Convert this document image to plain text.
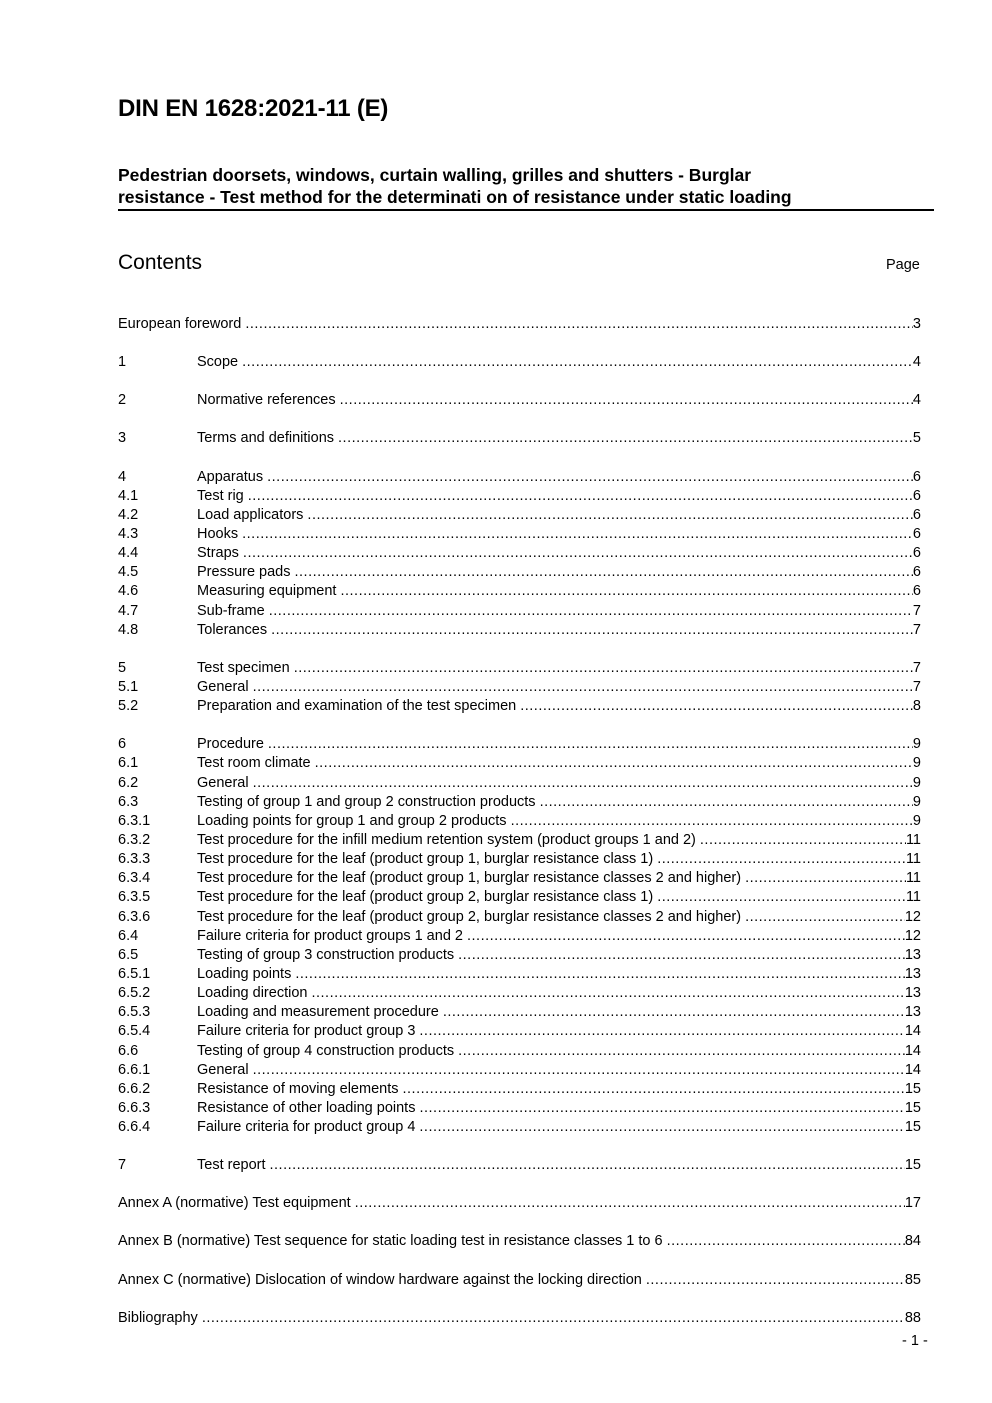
DIN EN 1628:2021-11 (E)
Pedestrian doorsets, windows, curtain walling, grilles and shutters - Burglar
resistance - Test method for the determinati on of resistance under static loading
Contents	Page
European foreword .....	3
1	Scope .....	4
2	Normative references .....	4
3	Terms and definitions .....	5
4	Apparatus .....	6
4.1	Test rig .....	6
4.2	Load applicators .....	6
4.3	Hooks .....	6
4.4	Straps .....	6
4.5	Pressure pads .....	6
4.6	Measuring equipment .....	6
4.7	Sub-frame .....	7
4.8	Tolerances .....	7
5	Test specimen .....	7
5.1	General .....	7
5.2	Preparation and examination of the test specimen .....	8
6	Procedure .....	9
6.1	Test room climate .....	9
6.2	General .....	9
6.3	Testing of group 1 and group 2 construction products .....	9
6.3.1	Loading points for group 1 and group 2 products .....	9
6.3.2	Test procedure for the infill medium retention system (product groups 1 and 2) .....	11
6.3.3	Test procedure for the leaf (product group 1, burglar resistance class 1) .....	11
6.3.4	Test procedure for the leaf (product group 1, burglar resistance classes 2 and higher) .....	11
6.3.5	Test procedure for the leaf (product group 2, burglar resistance class 1) .....	11
6.3.6	Test procedure for the leaf (product group 2, burglar resistance classes 2 and higher) .....	12
6.4	Failure criteria for product groups 1 and 2 .....	12
6.5	Testing of group 3 construction products .....	13
6.5.1	Loading points .....	13
6.5.2	Loading direction .....	13
6.5.3	Loading and measurement procedure .....	13
6.5.4	Failure criteria for product group 3 .....	14
6.6	Testing of group 4 construction products .....	14
6.6.1	General .....	14
6.6.2	Resistance of moving elements .....	15
6.6.3	Resistance of other loading points .....	15
6.6.4	Failure criteria for product group 4 .....	15
7	Test report .....	15
Annex A (normative) Test equipment .....	17
Annex B (normative) Test sequence for static loading test in resistance classes 1 to 6 .....	84
Annex C (normative) Dislocation of window hardware against the locking direction .....	85
Bibliography .....	88
- 1 -
